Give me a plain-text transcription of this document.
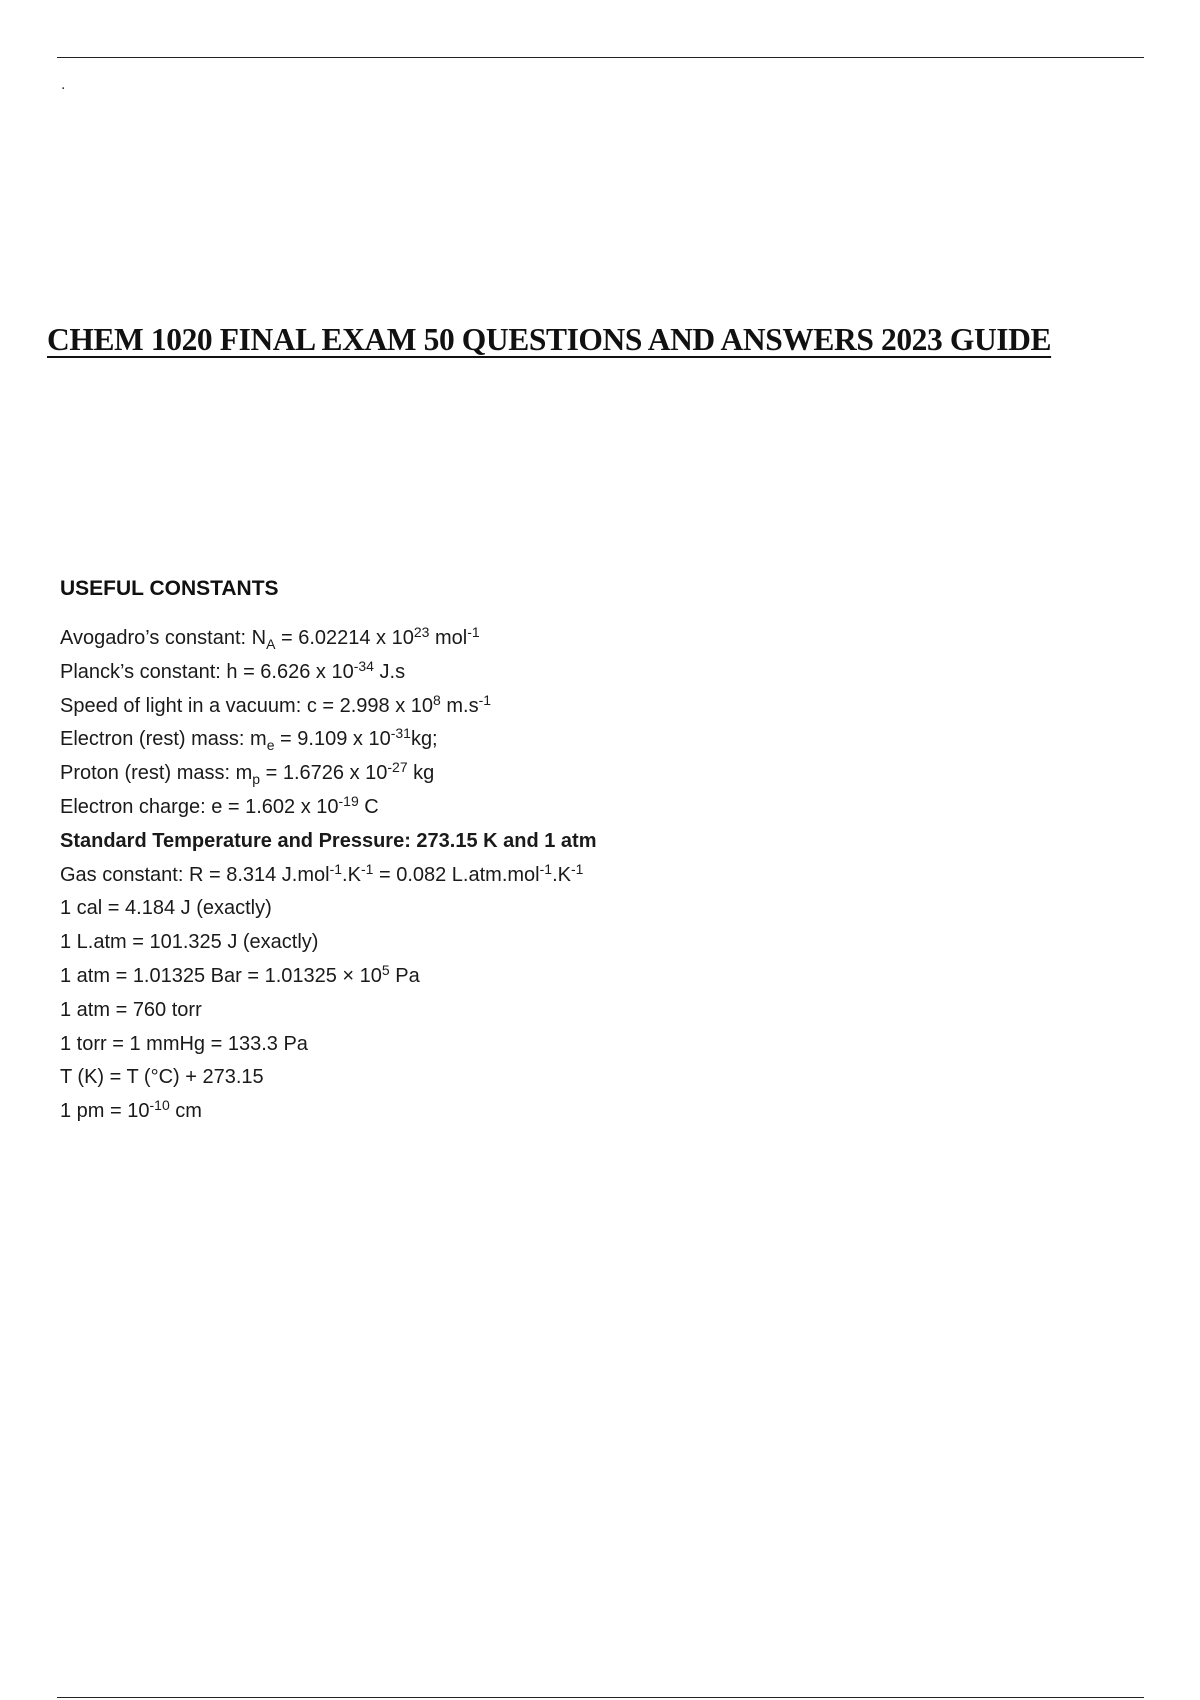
.
CHEM 1020 FINAL EXAM 50 QUESTIONS AND ANSWERS 2023 GUIDE
USEFUL CONSTANTS
Avogadro’s constant: $N_A = 6.02214$ x $10^{23}$ mol$^{-1}$
Planck’s constant: h = 6.626 x $10^{-34}$ J.s
Speed of light in a vacuum: c = 2.998 x $10^8$ $m.s^{-1}$
Electron (rest) mass: $m_e = 9.109$ x $10^{-31}kg$;
Proton (rest) mass: $m_p = 1.6726$ x $10^{-27}$ kg
Electron charge: e = 1.602 x $10^{-19}$ C
Standard Temperature and Pressure: 273.15 K and 1 atm
Gas constant: R = 8.314 $J.mol^{-1}.K^{-1} = 0.082$ $L.atm.mol^{-1}.K^{-1}$
1 cal = 4.184 J (exactly)
1 L.atm = 101.325 J (exactly)
1 atm = 1.01325 Bar = $1.01325 \times 10^5$ Pa
1 atm = 760 torr
1 torr = 1 mmHg = 133.3 Pa
T (K) = T (°C) + 273.15
1 pm = $10^{-10}$ cm
